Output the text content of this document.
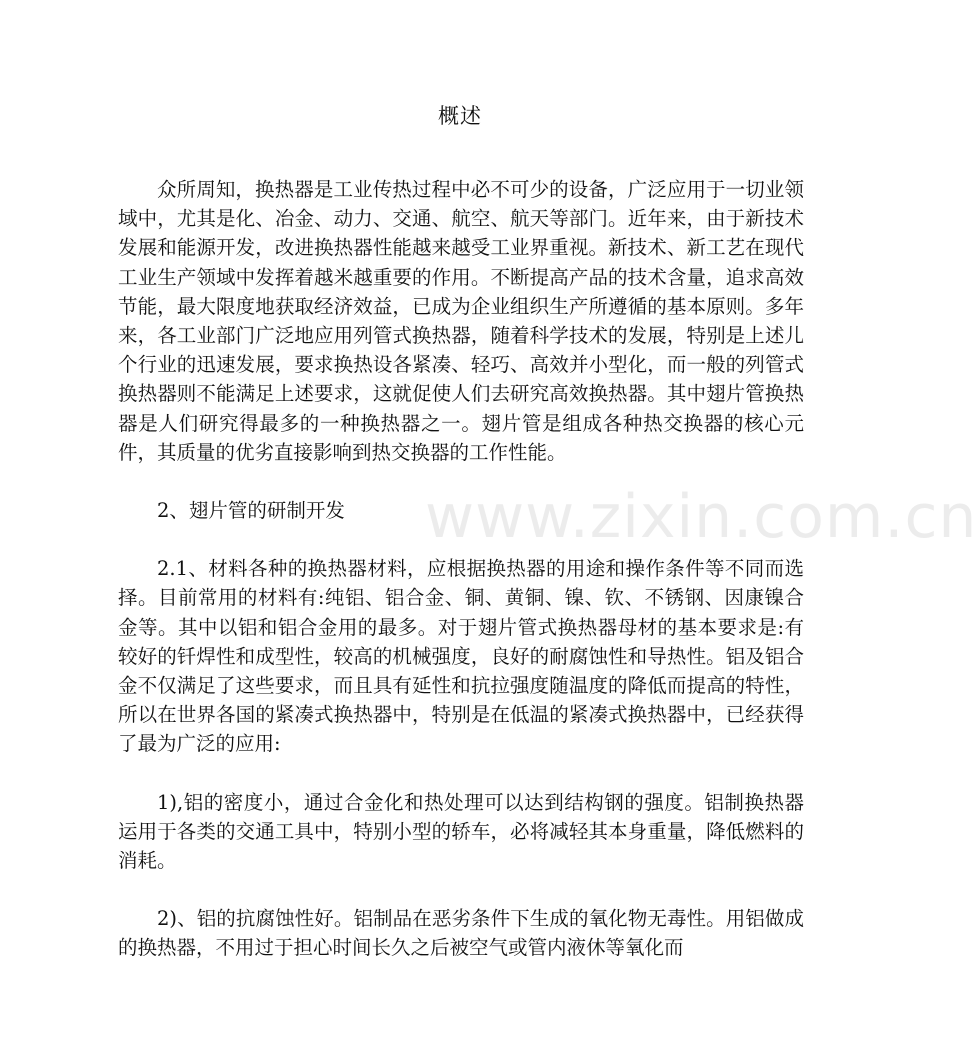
概述

众所周知，换热器是工业传热过程中必不可少的设备，广泛应用于一切业领域中，尤其是化、冶金、动力、交通、航空、航天等部门。近年来，由于新技术发展和能源开发，改进换热器性能越来越受工业界重视。新技术、新工艺在现代工业生产领域中发挥着越米越重要的作用。不断提高产品的技术含量，追求高效节能，最大限度地获取经济效益，已成为企业组织生产所遵循的基本原则。多年来，各工业部门广泛地应用列管式换热器，随着科学技术的发展，特别是上述儿个行业的迅速发展，要求换热设各紧凑、轻巧、高效并小型化，而一般的列管式换热器则不能满足上述要求，这就促使人们去研究高效换热器。其中翅片管换热器是人们研究得最多的一种换热器之一。翅片管是组成各种热交换器的核心元件，其质量的优劣直接影响到热交换器的工作性能。

2、翅片管的研制开发

2.1、材料各种的换热器材料，应根据换热器的用途和操作条件等不同而选择。目前常用的材料有:纯铝、铝合金、铜、黄铜、镍、钦、不锈钢、因康镍合金等。其中以铝和铝合金用的最多。对于翅片管式换热器母材的基本要求是:有较好的钎焊性和成型性，较高的机械强度，良好的耐腐蚀性和导热性。铝及铝合金不仅满足了这些要求，而且具有延性和抗拉强度随温度的降低而提高的特性，所以在世界各国的紧凑式换热器中，特别是在低温的紧凑式换热器中，已经获得了最为广泛的应用:

1),铝的密度小，通过合金化和热处理可以达到结构钢的强度。铝制换热器运用于各类的交通工具中，特别小型的轿车，必将减轻其本身重量，降低燃料的消耗。

2)、铝的抗腐蚀性好。铝制品在恶劣条件下生成的氧化物无毒性。用铝做成的换热器，不用过于担心时间长久之后被空气或管内液休等氧化而

www.zixin.com.cn
